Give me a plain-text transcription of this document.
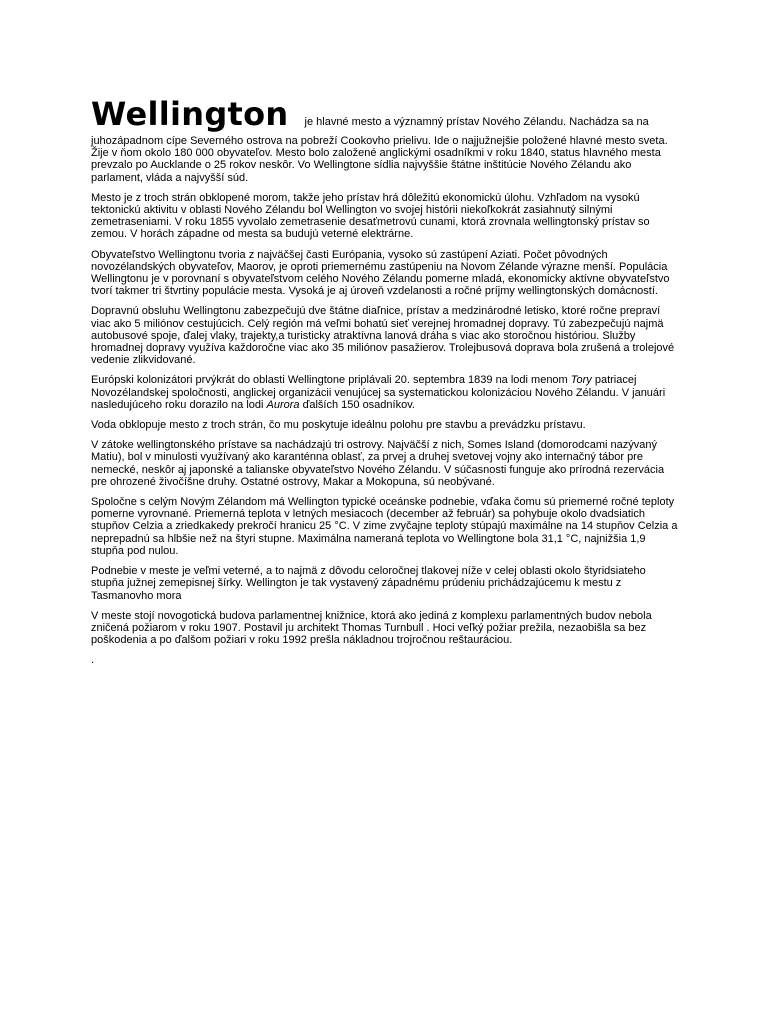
Wellington je hlavné mesto a významný prístav Nového Zélandu. Nachádza sa na

juhozápadnom cípe Severného ostrova na pobreží Cookovho prielivu. Ide o najjužnejšie položené hlavné mesto sveta. Žije v ňom okolo 180 000 obyvateľov. Mesto bolo založené anglickými osadníkmi v roku 1840, status hlavného mesta prevzalo po Aucklande o 25 rokov neskôr. Vo Wellingtone sídlia najvyššie štátne inštitúcie Nového Zélandu ako parlament, vláda a najvyšší súd.

Mesto je z troch strán obklopené morom, takže jeho prístav hrá dôležitú ekonomickú úlohu. Vzhľadom na vysokú tektonickú aktivitu v oblasti Nového Zélandu bol Wellington vo svojej histórii niekoľkokrát zasiahnutý silnými zemetraseniami. V roku 1855 vyvolalo zemetrasenie desaťmetrovú cunami, ktorá zrovnala wellingtonský prístav so zemou. V horách západne od mesta sa budujú veterné elektrárne.

Obyvateľstvo Wellingtonu tvoria z najväčšej časti Európania, vysoko sú zastúpení Aziati. Počet pôvodných novozélandských obyvateľov, Maorov, je oproti priemernému zastúpeniu na Novom Zélande výrazne menší. Populácia Wellingtonu je v porovnaní s obyvateľstvom celého Nového Zélandu pomerne mladá, ekonomicky aktívne obyvateľstvo tvorí takmer tri štvrtiny populácie mesta. Vysoká je aj úroveň vzdelanosti a ročné príjmy wellingtonských domácností.

Dopravnú obsluhu Wellingtonu zabezpečujú dve štátne diaľnice, prístav a medzinárodné letisko, ktoré ročne prepraví viac ako 5 miliónov cestujúcich. Celý región má veľmi bohatú sieť verejnej hromadnej dopravy. Tú zabezpečujú najmä autobusové spoje, ďalej vlaky, trajekty,a turisticky atraktívna lanová dráha s viac ako storočnou históriou. Služby hromadnej dopravy využíva každoročne viac ako 35 miliónov pasažierov. Trolejbusová doprava bola zrušená a trolejové vedenie zlikvidované.

Európski kolonizátori prvýkrát do oblasti Wellingtone priplávali 20. septembra 1839 na lodi menom Tory patriacej Novozélandskej spoločnosti, anglickej organizácii venujúcej sa systematickou kolonizáciou Nového Zélandu. V januári nasledujúceho roku dorazilo na lodi Aurora ďalších 150 osadníkov.

Voda obklopuje mesto z troch strán, čo mu poskytuje ideálnu polohu pre stavbu a prevádzku prístavu.

V zátoke wellingtonského prístave sa nachádzajú tri ostrovy. Najväčší z nich, Somes Island (domorodcami nazývaný Matiu), bol v minulosti využívaný ako karanténna oblasť, za prvej a druhej svetovej vojny ako internačný tábor pre nemecké, neskôr aj japonské a talianske obyvateľstvo Nového Zélandu. V súčasnosti funguje ako prírodná rezervácia pre ohrozené živočíšne druhy. Ostatné ostrovy, Makar a Mokopuna, sú neobývané.

Spoločne s celým Novým Zélandom má Wellington typické oceánske podnebie, vďaka čomu sú priemerné ročné teploty pomerne vyrovnané. Priemerná teplota v letných mesiacoch (december až február) sa pohybuje okolo dvadsiatich stupňov Celzia a zriedkakedy prekročí hranicu 25 °C. V zime zvyčajne teploty stúpajú maximálne na 14 stupňov Celzia a neprepadnú sa hlbšie než na štyri stupne. Maximálna nameraná teplota vo Wellingtone bola 31,1 °C, najnižšia 1,9 stupňa pod nulou.

Podnebie v meste je veľmi veterné, a to najmä z dôvodu celoročnej tlakovej níže v celej oblasti okolo štyridsiateho stupňa južnej zemepisnej šírky. Wellington je tak vystavený západnému prúdeniu prichádzajúcemu k mestu z Tasmanovho mora

V meste stojí novogotická budova parlamentnej knižnice, ktorá ako jediná z komplexu parlamentných budov nebola zničená požiarom v roku 1907. Postavil ju architekt Thomas Turnbull . Hoci veľký požiar prežila, nezaobišla sa bez poškodenia a po ďalšom požiari v roku 1992 prešla nákladnou trojročnou reštauráciou.

.
